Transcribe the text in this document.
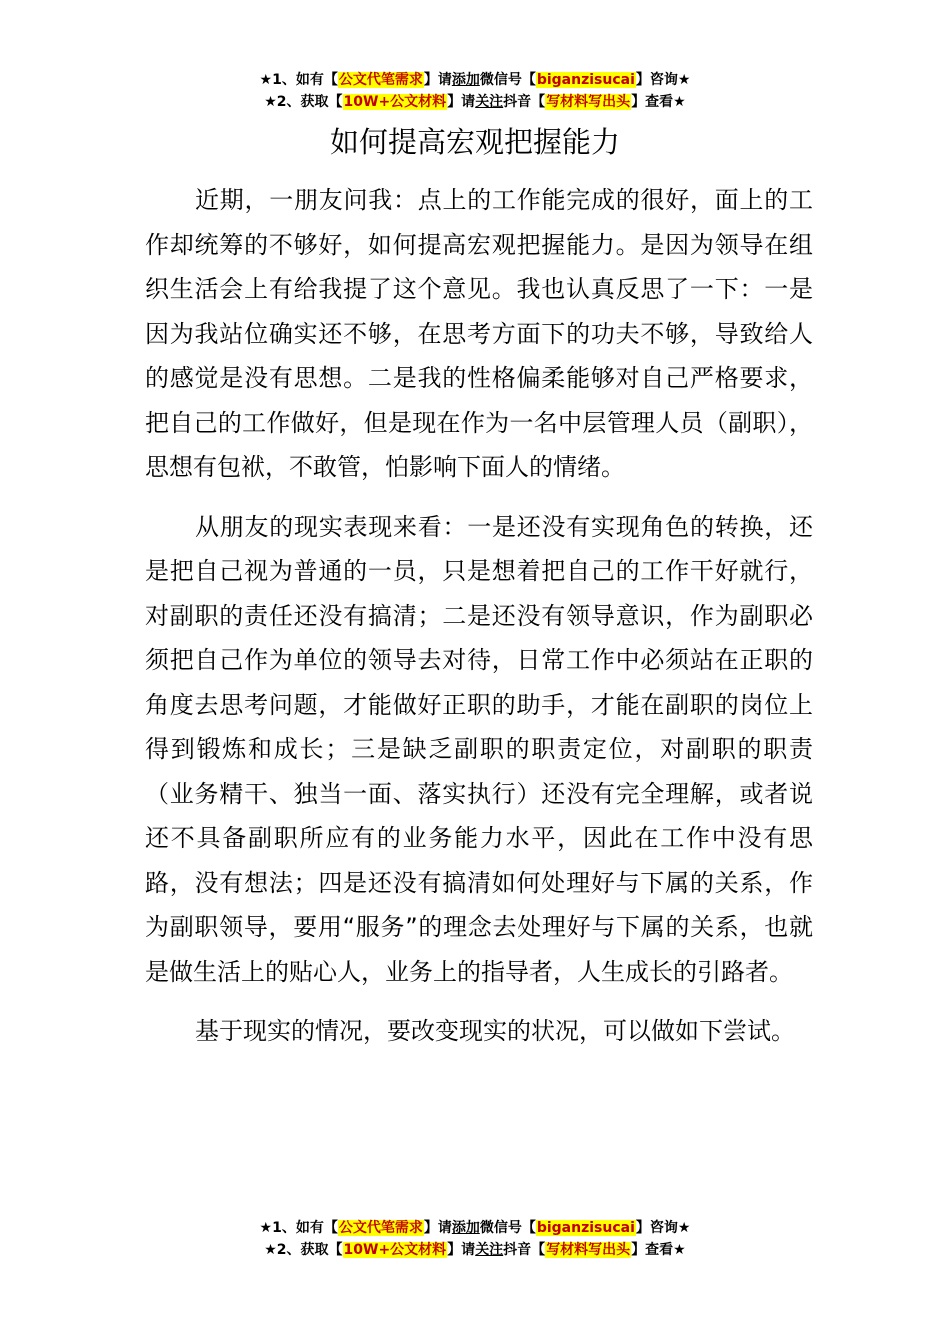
★1、如有【公文代笔需求】请添加微信号【biganzisucai】咨询★
★2、获取【10W+公文材料】请关注抖音【写材料写出头】查看★
如何提高宏观把握能力

近期，一朋友问我：点上的工作能完成的很好，面上的工作却统筹的不够好，如何提高宏观把握能力。是因为领导在组织生活会上有给我提了这个意见。我也认真反思了一下：一是因为我站位确实还不够，在思考方面下的功夫不够，导致给人的感觉是没有思想。二是我的性格偏柔能够对自己严格要求，把自己的工作做好，但是现在作为一名中层管理人员（副职），思想有包袱，不敢管，怕影响下面人的情绪。

从朋友的现实表现来看：一是还没有实现角色的转换，还是把自己视为普通的一员，只是想着把自己的工作干好就行，对副职的责任还没有搞清；二是还没有领导意识，作为副职必须把自己作为单位的领导去对待，日常工作中必须站在正职的角度去思考问题，才能做好正职的助手，才能在副职的岗位上得到锻炼和成长；三是缺乏副职的职责定位，对副职的职责（业务精干、独当一面、落实执行）还没有完全理解，或者说还不具备副职所应有的业务能力水平，因此在工作中没有思路，没有想法；四是还没有搞清如何处理好与下属的关系，作为副职领导，要用“服务”的理念去处理好与下属的关系，也就是做生活上的贴心人，业务上的指导者，人生成长的引路者。

基于现实的情况，要改变现实的状况，可以做如下尝试。

★1、如有【公文代笔需求】请添加微信号【biganzisucai】咨询★
★2、获取【10W+公文材料】请关注抖音【写材料写出头】查看★
